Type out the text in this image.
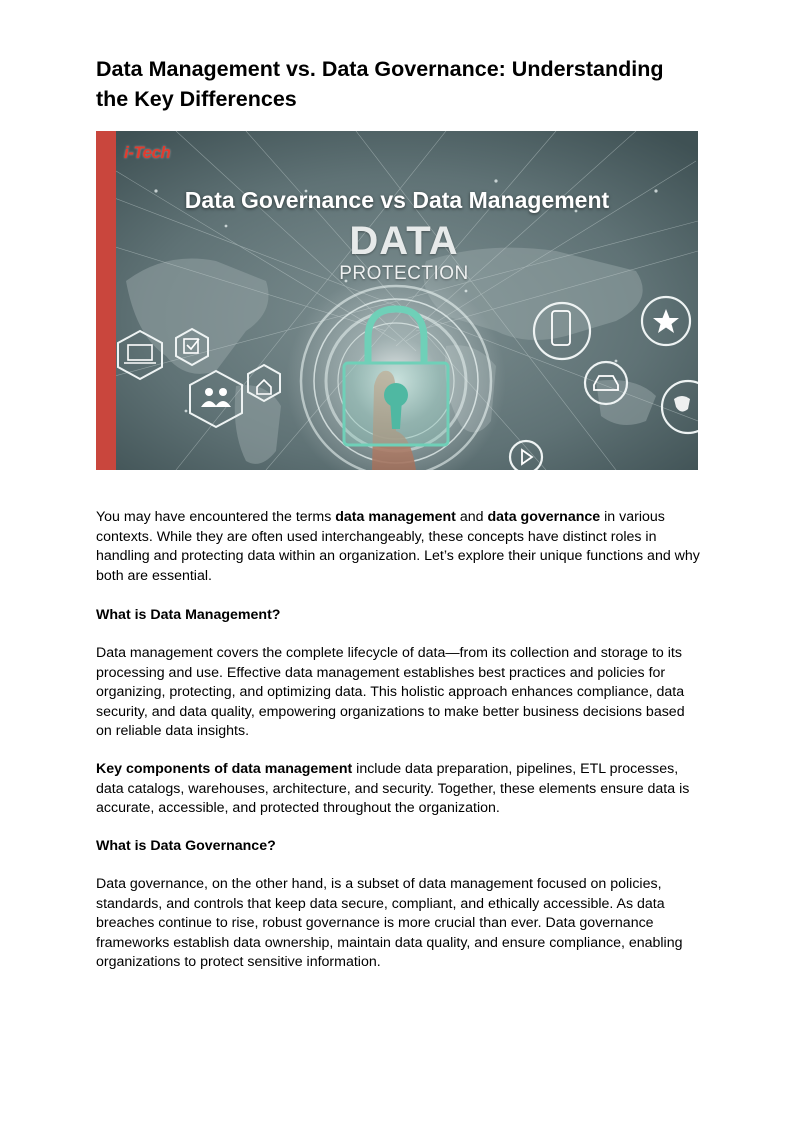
Data Management vs. Data Governance: Understanding the Key Differences
i-Tech
Data Governance vs Data Management
DATA
PROTECTION

You may have encountered the terms data management and data governance in various contexts. While they are often used interchangeably, these concepts have distinct roles in handling and protecting data within an organization. Let’s explore their unique functions and why both are essential.

What is Data Management?

Data management covers the complete lifecycle of data—from its collection and storage to its processing and use. Effective data management establishes best practices and policies for organizing, protecting, and optimizing data. This holistic approach enhances compliance, data security, and data quality, empowering organizations to make better business decisions based on reliable data insights.

Key components of data management include data preparation, pipelines, ETL processes, data catalogs, warehouses, architecture, and security. Together, these elements ensure data is accurate, accessible, and protected throughout the organization.

What is Data Governance?

Data governance, on the other hand, is a subset of data management focused on policies, standards, and controls that keep data secure, compliant, and ethically accessible. As data breaches continue to rise, robust governance is more crucial than ever. Data governance frameworks establish data ownership, maintain data quality, and ensure compliance, enabling organizations to protect sensitive information.
